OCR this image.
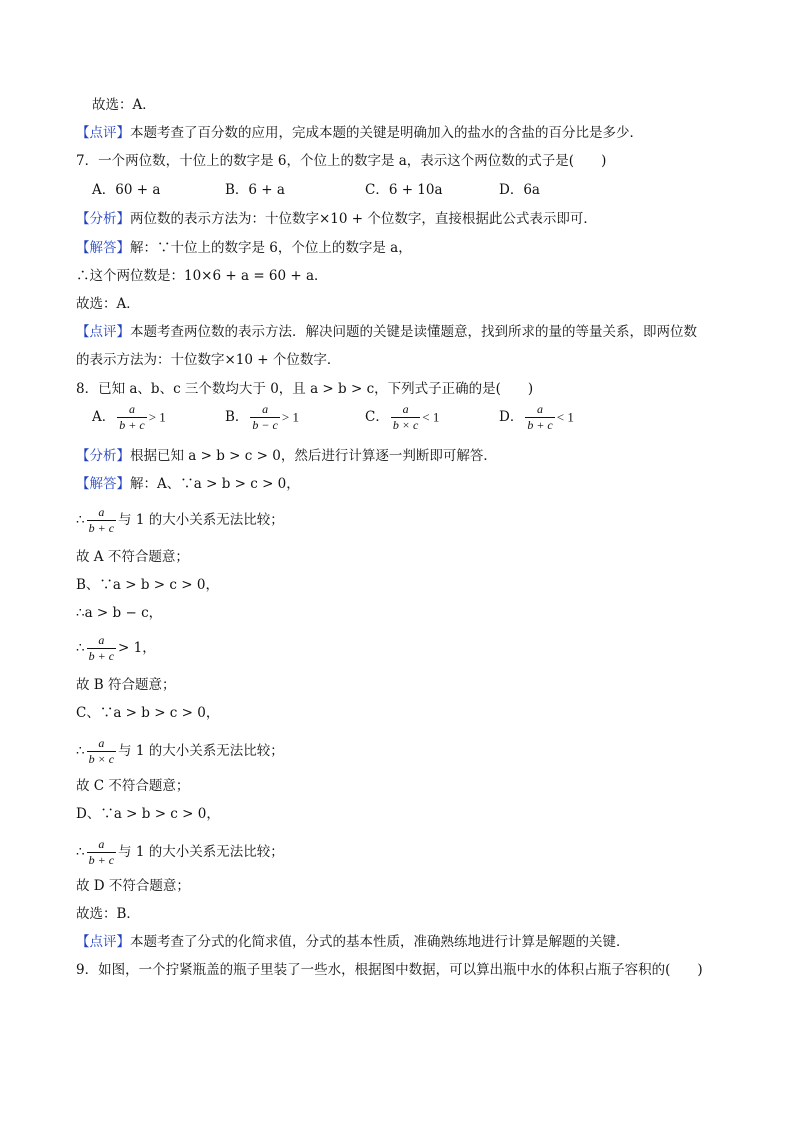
故选：A．
【点评】本题考查了百分数的应用，完成本题的关键是明确加入的盐水的含盐的百分比是多少．
7．一个两位数，十位上的数字是 6，个位上的数字是 a，表示这个两位数的式子是(　　)
A．60 + a	B．6 + a	C．6 + 10a	D．6a
【分析】两位数的表示方法为：十位数字×10 + 个位数字，直接根据此公式表示即可．
【解答】解：∵十位上的数字是 6，个位上的数字是 a，
∴这个两位数是：10×6 + a = 60 + a．
故选：A．
【点评】本题考查两位数的表示方法．解决问题的关键是读懂题意，找到所求的量的等量关系，即两位数
的表示方法为：十位数字×10 + 个位数字．
8．已知 a、b、c 三个数均大于 0，且 a > b > c，下列式子正确的是(　　)
A． $\frac{a}{b + c} > 1$	B． $\frac{a}{b - c} > 1$	C． $\frac{a}{b \times c} < 1$	D． $\frac{a}{b + c} < 1$
【分析】根据已知 a > b > c > 0，然后进行计算逐一判断即可解答．
【解答】解：A、∵a > b > c > 0，
∴ $\frac{a}{b + c}$ 与 1 的大小关系无法比较；
故 A 不符合题意；
B、∵a > b > c > 0，
∴a > b − c，
∴ $\frac{a}{b + c} > 1$，
故 B 符合题意；
C、∵a > b > c > 0，
∴ $\frac{a}{b \times c}$ 与 1 的大小关系无法比较；
故 C 不符合题意；
D、∵a > b > c > 0，
∴ $\frac{a}{b + c}$ 与 1 的大小关系无法比较；
故 D 不符合题意；
故选：B．
【点评】本题考查了分式的化简求值，分式的基本性质，准确熟练地进行计算是解题的关键．
9．如图，一个拧紧瓶盖的瓶子里装了一些水，根据图中数据，可以算出瓶中水的体积占瓶子容积的(　　)
